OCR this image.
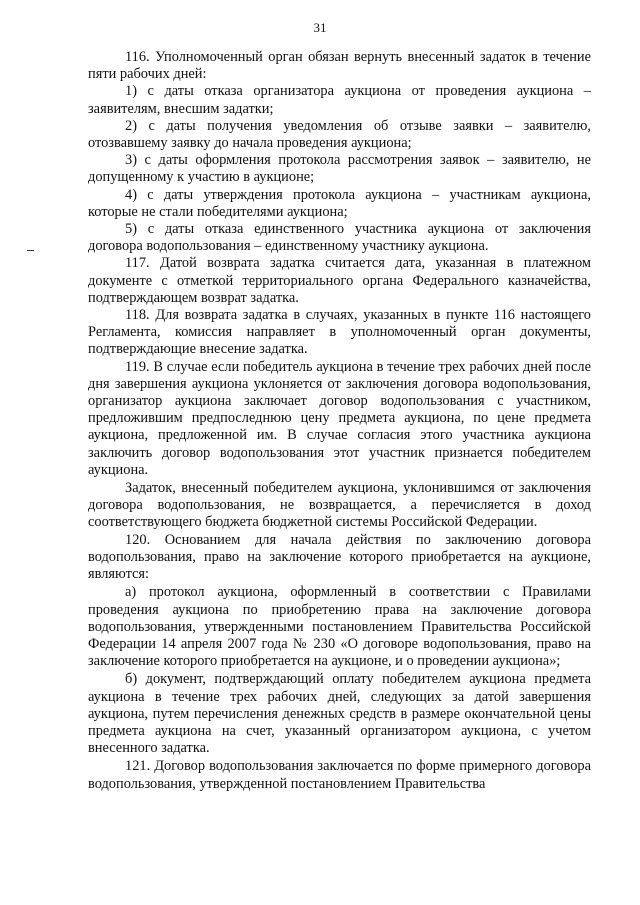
31

116. Уполномоченный орган обязан вернуть внесенный задаток в течение пяти рабочих дней:

1) с даты отказа организатора аукциона от проведения аукциона – заявителям, внесшим задатки;

2) с даты получения уведомления об отзыве заявки – заявителю, отозвавшему заявку до начала проведения аукциона;

3) с даты оформления протокола рассмотрения заявок – заявителю, не допущенному к участию в аукционе;

4) с даты утверждения протокола аукциона – участникам аукциона, которые не стали победителями аукциона;

5) с даты отказа единственного участника аукциона от заключения договора водопользования – единственному участнику аукциона.

117. Датой возврата задатка считается дата, указанная в платежном документе с отметкой территориального органа Федерального казначейства, подтверждающем возврат задатка.

118. Для возврата задатка в случаях, указанных в пункте 116 настоящего Регламента, комиссия направляет в уполномоченный орган документы, подтверждающие внесение задатка.

119. В случае если победитель аукциона в течение трех рабочих дней после дня завершения аукциона уклоняется от заключения договора водопользования, организатор аукциона заключает договор водопользования с участником, предложившим предпоследнюю цену предмета аукциона, по цене предмета аукциона, предложенной им. В случае согласия этого участника аукциона заключить договор водопользования этот участник признается победителем аукциона.

Задаток, внесенный победителем аукциона, уклонившимся от заключения договора водопользования, не возвращается, а перечисляется в доход соответствующего бюджета бюджетной системы Российской Федерации.

120. Основанием для начала действия по заключению договора водопользования, право на заключение которого приобретается на аукционе, являются:

а) протокол аукциона, оформленный в соответствии с Правилами проведения аукциона по приобретению права на заключение договора водопользования, утвержденными постановлением Правительства Российской Федерации 14 апреля 2007 года № 230 «О договоре водопользования, право на заключение которого приобретается на аукционе, и о проведении аукциона»;

б) документ, подтверждающий оплату победителем аукциона предмета аукциона в течение трех рабочих дней, следующих за датой завершения аукциона, путем перечисления денежных средств в размере окончательной цены предмета аукциона на счет, указанный организатором аукциона, с учетом внесенного задатка.

121. Договор водопользования заключается по форме примерного договора водопользования, утвержденной постановлением Правительства
